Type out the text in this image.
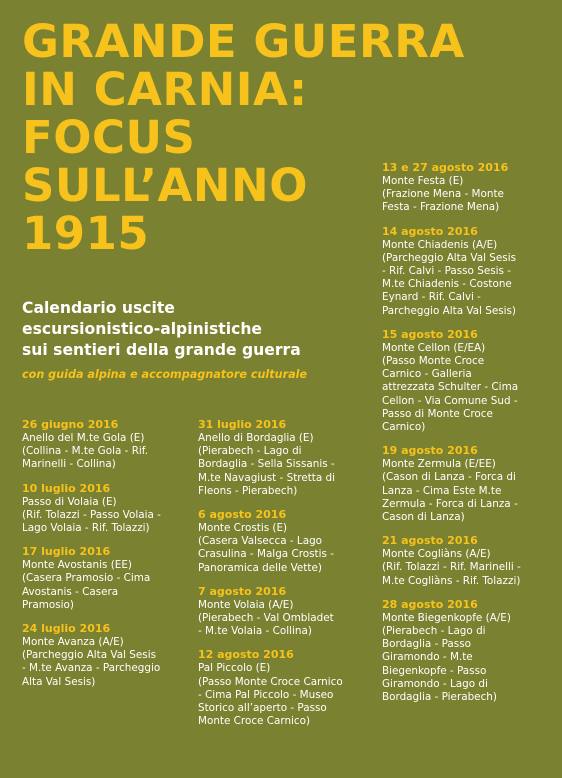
GRANDE GUERRA
IN CARNIA:
FOCUS
SULL’ANNO
1915
Calendario uscite
escursionistico-alpinistiche
sui sentieri della grande guerra
con guida alpina e accompagnatore culturale
26 giugno 2016
Anello del M.te Gola (E)
(Collina - M.te Gola - Rif.
Marinelli - Collina)
10 luglio 2016
Passo di Volaia (E)
(Rif. Tolazzi - Passo Volaia -
Lago Volaia - Rif. Tolazzi)
17 luglio 2016
Monte Avostanis (EE)
(Casera Pramosio - Cima
Avostanis - Casera
Pramosio)
24 luglio 2016
Monte Avanza (A/E)
(Parcheggio Alta Val Sesis
- M.te Avanza - Parcheggio
Alta Val Sesis)
31 luglio 2016
Anello di Bordaglia (E)
(Pierabech - Lago di
Bordaglia - Sella Sissanis -
M.te Navagiust - Stretta di
Fleons - Pierabech)
6 agosto 2016
Monte Crostis (E)
(Casera Valsecca - Lago
Crasulina - Malga Crostis -
Panoramica delle Vette)
7 agosto 2016
Monte Volaia (A/E)
(Pierabech - Val Ombladet
- M.te Volaia - Collina)
12 agosto 2016
Pal Piccolo (E)
(Passo Monte Croce Carnico
- Cima Pal Piccolo - Museo
Storico all’aperto - Passo
Monte Croce Carnico)
13 e 27 agosto 2016
Monte Festa (E)
(Frazione Mena - Monte
Festa - Frazione Mena)
14 agosto 2016
Monte Chiadenis (A/E)
(Parcheggio Alta Val Sesis
- Rif. Calvi - Passo Sesis -
M.te Chiadenis - Costone
Eynard - Rif. Calvi -
Parcheggio Alta Val Sesis)
15 agosto 2016
Monte Cellon (E/EA)
(Passo Monte Croce
Carnico - Galleria
attrezzata Schulter - Cima
Cellon - Via Comune Sud -
Passo di Monte Croce
Carnico)
19 agosto 2016
Monte Zermula (E/EE)
(Cason di Lanza - Forca di
Lanza - Cima Este M.te
Zermula - Forca di Lanza -
Cason di Lanza)
21 agosto 2016
Monte Cogliàns (A/E)
(Rif. Tolazzi - Rif. Marinelli -
M.te Cogliàns - Rif. Tolazzi)
28 agosto 2016
Monte Biegenkopfe (A/E)
(Pierabech - Lago di
Bordaglia - Passo
Giramondo - M.te
Biegenkopfe - Passo
Giramondo - Lago di
Bordaglia - Pierabech)
